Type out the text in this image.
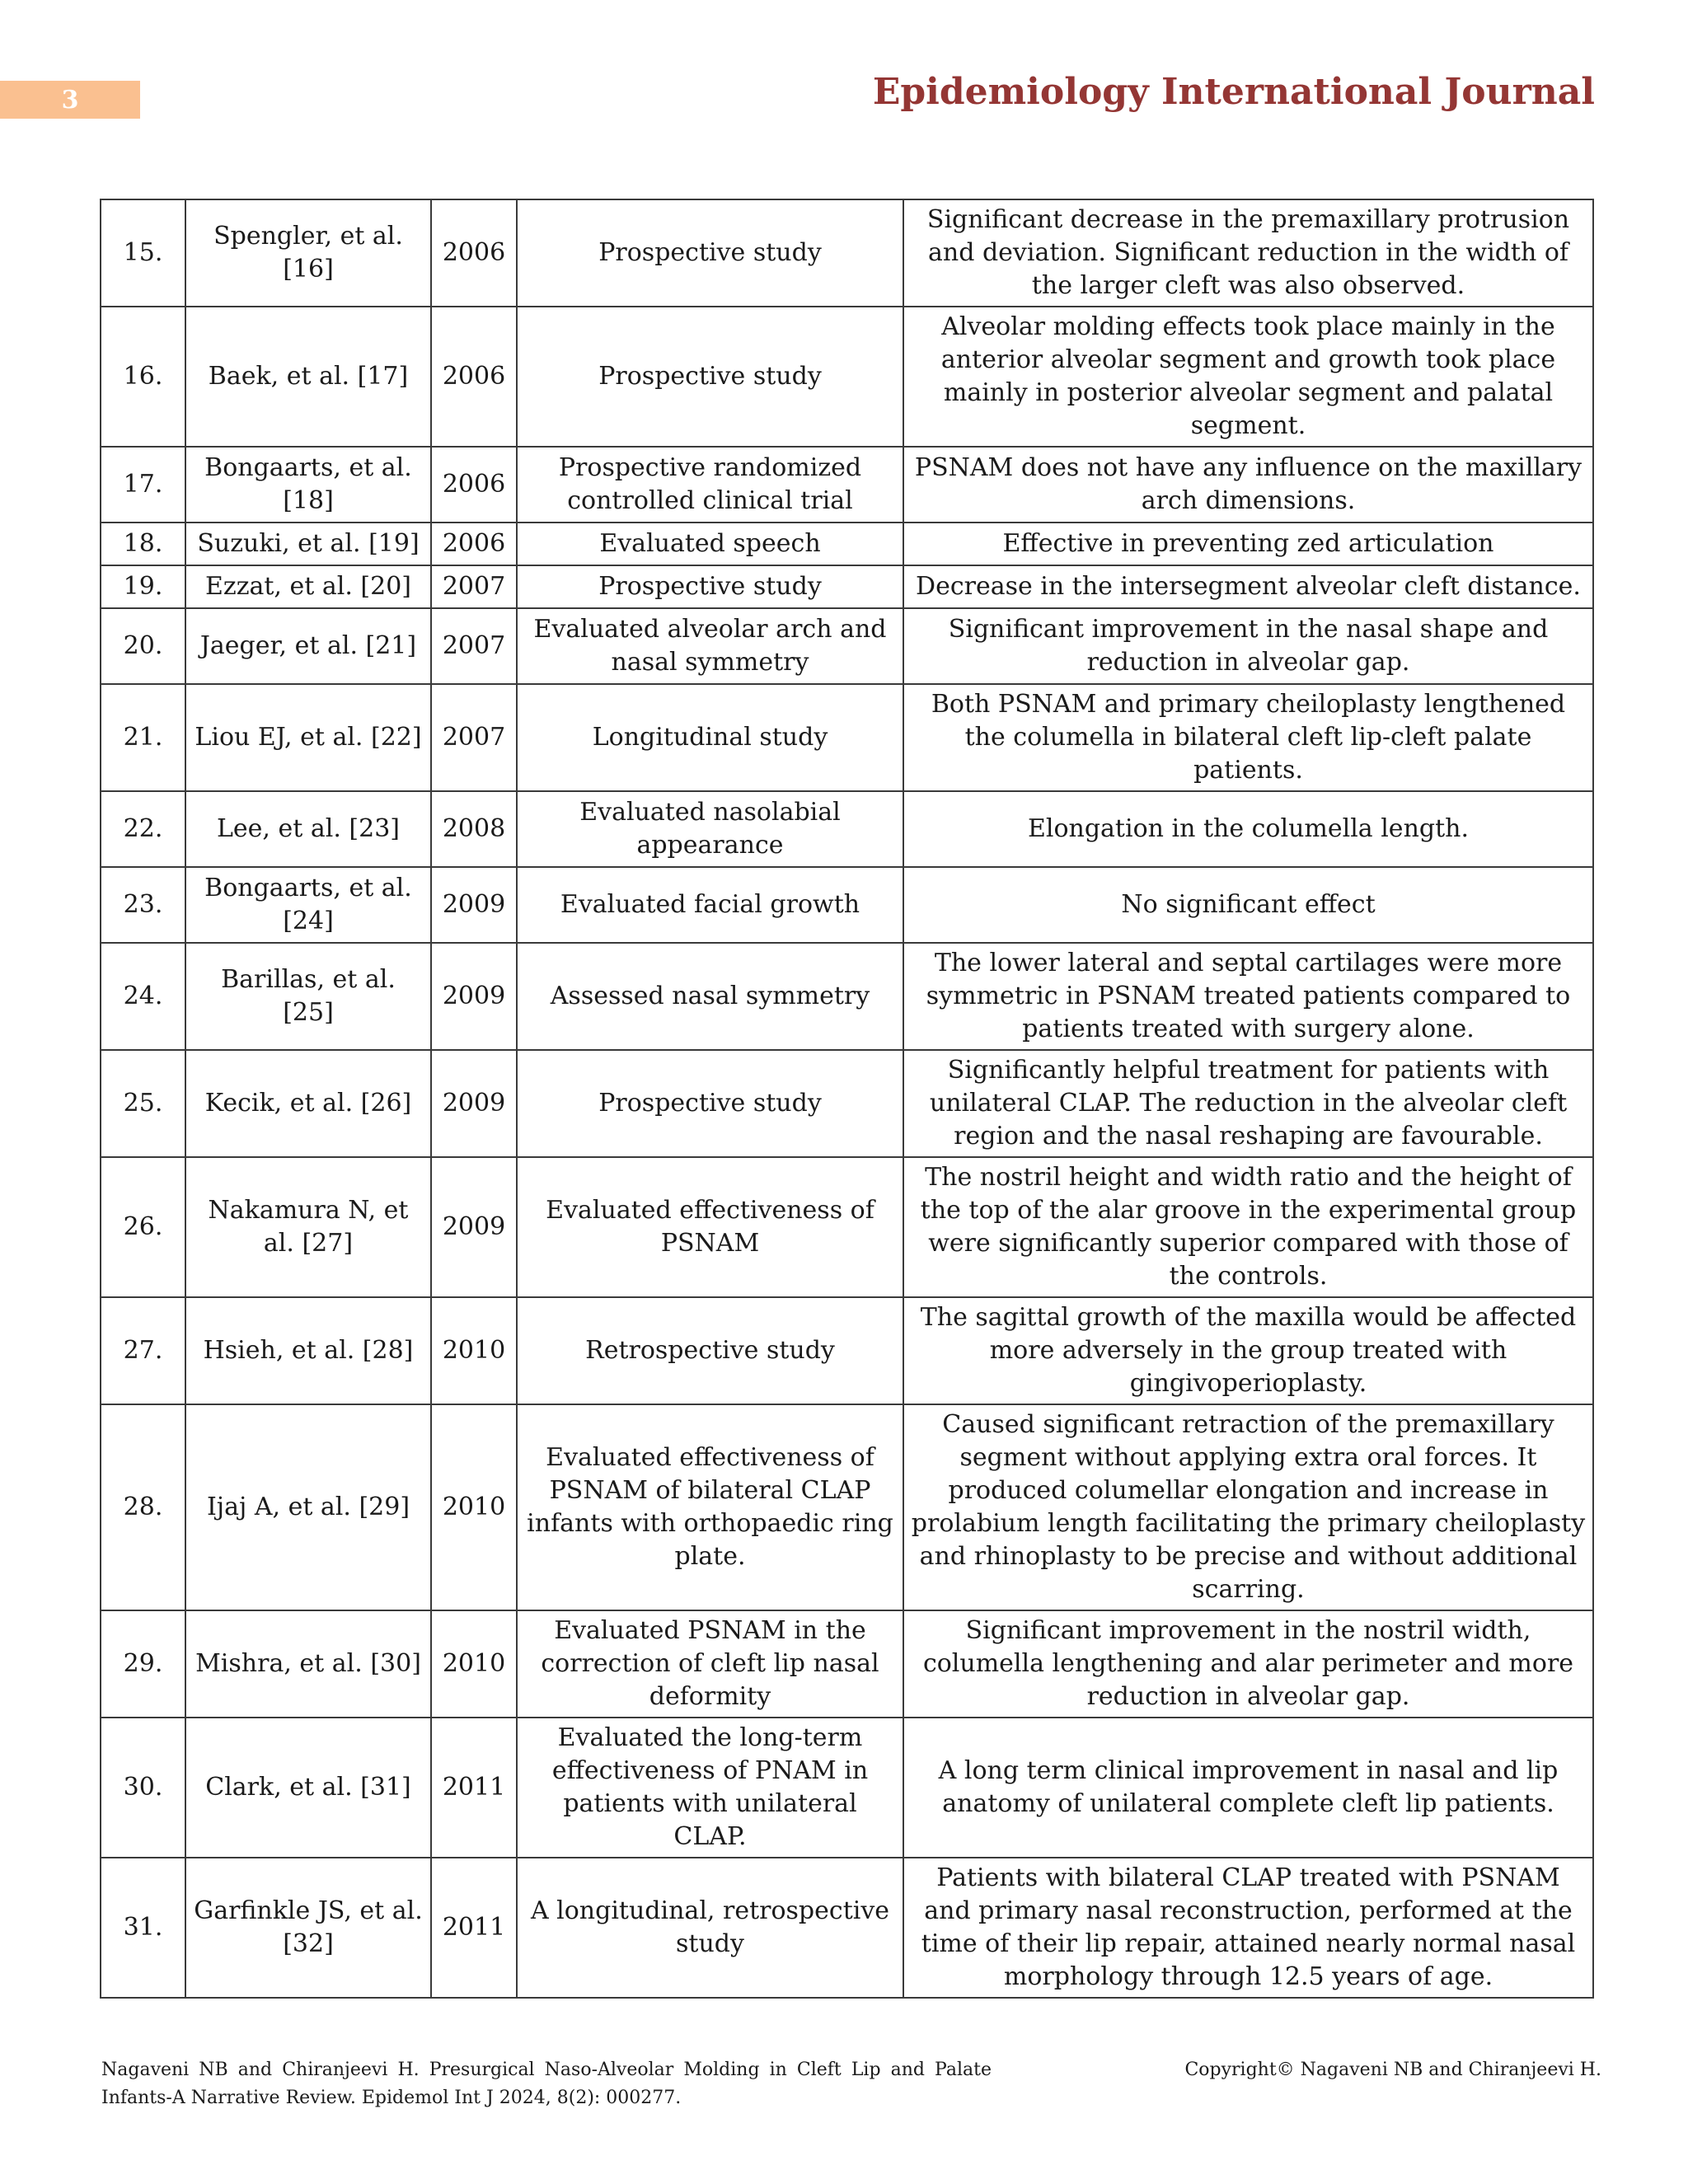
3	Epidemiology International Journal
15.	Spengler, et al. [16]	2006	Prospective study	Significant decrease in the premaxillary protrusion and deviation. Significant reduction in the width of the larger cleft was also observed.
16.	Baek, et al. [17]	2006	Prospective study	Alveolar molding effects took place mainly in the anterior alveolar segment and growth took place mainly in posterior alveolar segment and palatal segment.
17.	Bongaarts, et al. [18]	2006	Prospective randomized controlled clinical trial	PSNAM does not have any influence on the maxillary arch dimensions.
18.	Suzuki, et al. [19]	2006	Evaluated speech	Effective in preventing zed articulation
19.	Ezzat, et al. [20]	2007	Prospective study	Decrease in the intersegment alveolar cleft distance.
20.	Jaeger, et al. [21]	2007	Evaluated alveolar arch and nasal symmetry	Significant improvement in the nasal shape and reduction in alveolar gap.
21.	Liou EJ, et al. [22]	2007	Longitudinal study	Both PSNAM and primary cheiloplasty lengthened the columella in bilateral cleft lip-cleft palate patients.
22.	Lee, et al. [23]	2008	Evaluated nasolabial appearance	Elongation in the columella length.
23.	Bongaarts, et al. [24]	2009	Evaluated facial growth	No significant effect
24.	Barillas, et al. [25]	2009	Assessed nasal symmetry	The lower lateral and septal cartilages were more symmetric in PSNAM treated patients compared to patients treated with surgery alone.
25.	Kecik, et al. [26]	2009	Prospective study	Significantly helpful treatment for patients with unilateral CLAP. The reduction in the alveolar cleft region and the nasal reshaping are favourable.
26.	Nakamura N, et al. [27]	2009	Evaluated effectiveness of PSNAM	The nostril height and width ratio and the height of the top of the alar groove in the experimental group were significantly superior compared with those of the controls.
27.	Hsieh, et al. [28]	2010	Retrospective study	The sagittal growth of the maxilla would be affected more adversely in the group treated with gingivoperioplasty.
28.	Ijaj A, et al. [29]	2010	Evaluated effectiveness of PSNAM of bilateral CLAP infants with orthopaedic ring plate.	Caused significant retraction of the premaxillary segment without applying extra oral forces. It produced columellar elongation and increase in prolabium length facilitating the primary cheiloplasty and rhinoplasty to be precise and without additional scarring.
29.	Mishra, et al. [30]	2010	Evaluated PSNAM in the correction of cleft lip nasal deformity	Significant improvement in the nostril width, columella lengthening and alar perimeter and more reduction in alveolar gap.
30.	Clark, et al. [31]	2011	Evaluated the long-term effectiveness of PNAM in patients with unilateral CLAP.	A long term clinical improvement in nasal and lip anatomy of unilateral complete cleft lip patients.
31.	Garfinkle JS, et al. [32]	2011	A longitudinal, retrospective study	Patients with bilateral CLAP treated with PSNAM and primary nasal reconstruction, performed at the time of their lip repair, attained nearly normal nasal morphology through 12.5 years of age.
Nagaveni NB and Chiranjeevi H. Presurgical Naso-Alveolar Molding in Cleft Lip and Palate Infants-A Narrative Review. Epidemol Int J 2024, 8(2): 000277.
Copyright© Nagaveni NB and Chiranjeevi H.
